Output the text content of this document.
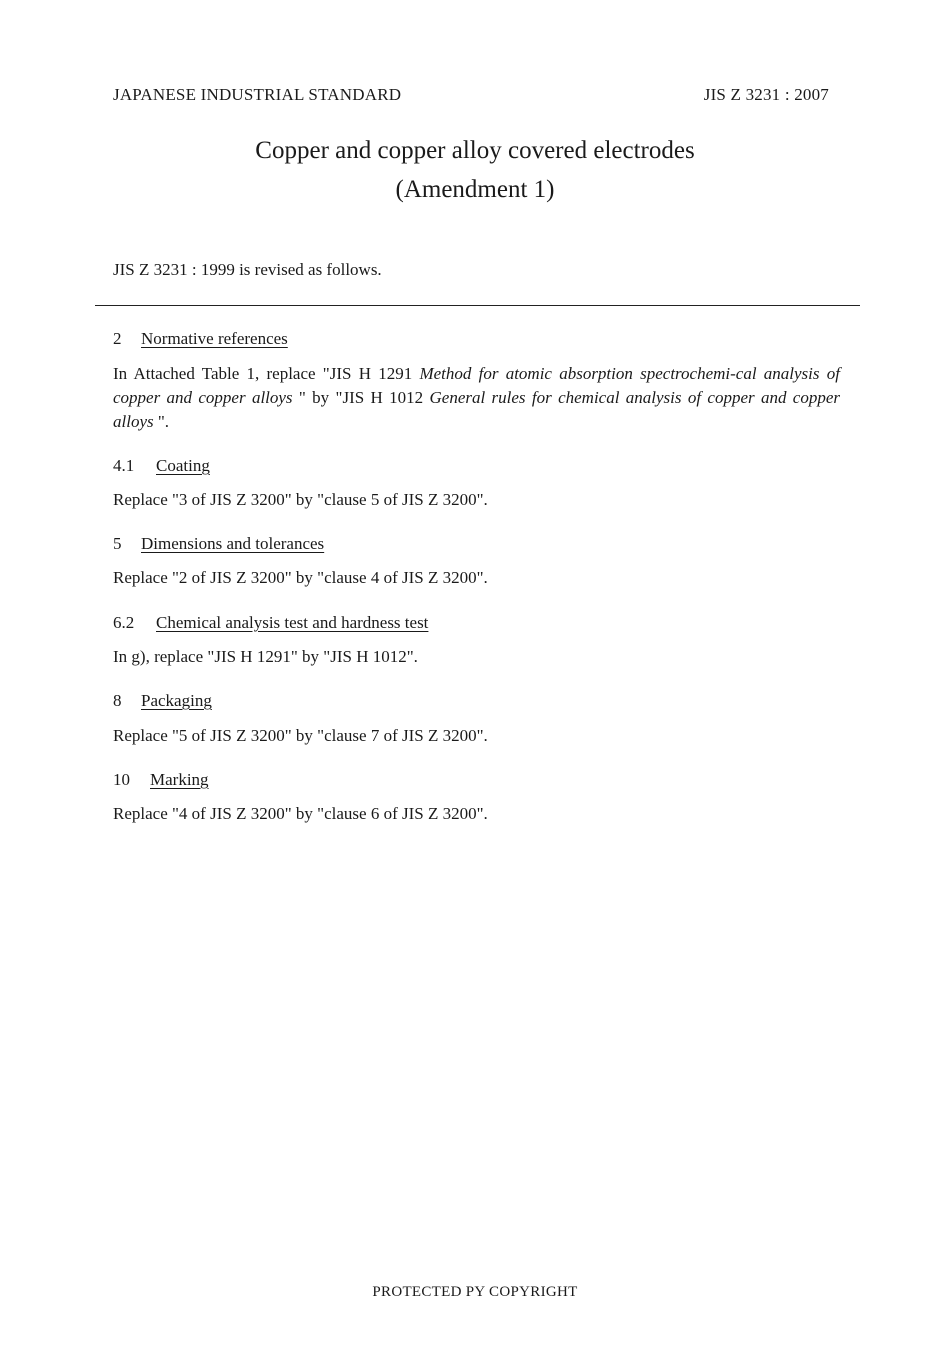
JAPANESE INDUSTRIAL STANDARD	JIS Z 3231 : 2007
Copper and copper alloy covered electrodes
(Amendment 1)
JIS Z 3231 : 1999 is revised as follows.
2 Normative references
In Attached Table 1, replace "JIS H 1291 Method for atomic absorption spectrochemi-cal analysis of copper and copper alloys " by "JIS H 1012 General rules for chemical analysis of copper and copper alloys ".
4.1 Coating
Replace "3 of JIS Z 3200" by "clause 5 of JIS Z 3200".
5 Dimensions and tolerances
Replace "2 of JIS Z 3200" by "clause 4 of JIS Z 3200".
6.2 Chemical analysis test and hardness test
In g), replace "JIS H 1291" by "JIS H 1012".
8 Packaging
Replace "5 of JIS Z 3200" by "clause 7 of JIS Z 3200".
10 Marking
Replace "4 of JIS Z 3200" by "clause 6 of JIS Z 3200".
PROTECTED PY COPYRIGHT
